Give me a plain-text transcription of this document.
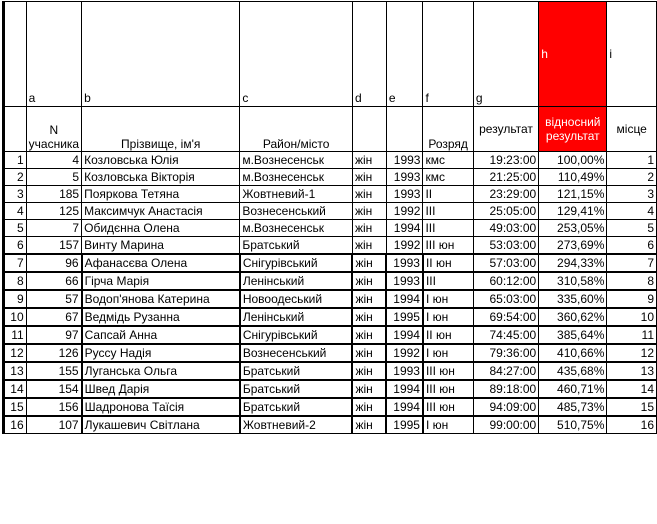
	a	b	c	d	e	f	g	h	i
	N учасника	Прізвище, ім'я	Район/місто			Розряд	результат	відносний результат	місце
1	4	Козловська Юлія	м.Вознесенськ	жін	1993	кмс	19:23:00	100,00%	1
2	5	Козловська Вікторія	м.Вознесенськ	жін	1993	кмс	21:25:00	110,49%	2
3	185	Пояркова Тетяна	Жовтневий-1	жін	1993	ІІ	23:29:00	121,15%	3
4	125	Максимчук Анастасія	Вознесенський	жін	1992	ІІІ	25:05:00	129,41%	4
5	7	Обидєнна Олена	м.Вознесенськ	жін	1994	ІІІ	49:03:00	253,05%	5
6	157	Винту Марина	Братський	жін	1992	ІІІ юн	53:03:00	273,69%	6
7	96	Афанасєва Олена	Снігурівський	жін	1993	ІІ юн	57:03:00	294,33%	7
8	66	Гірча Марія	Ленінський	жін	1993	ІІІ	60:12:00	310,58%	8
9	57	Водоп'янова Катерина	Новоодеський	жін	1994	І юн	65:03:00	335,60%	9
10	67	Ведмідь Рузанна	Ленінський	жін	1995	І юн	69:54:00	360,62%	10
11	97	Сапсай Анна	Снігурівський	жін	1994	ІІ юн	74:45:00	385,64%	11
12	126	Руссу Надія	Вознесенський	жін	1992	І юн	79:36:00	410,66%	12
13	155	Луганська Ольга	Братський	жін	1993	ІІІ юн	84:27:00	435,68%	13
14	154	Швед Дарія	Братський	жін	1994	ІІІ юн	89:18:00	460,71%	14
15	156	Шадронова Таїсія	Братський	жін	1994	ІІІ юн	94:09:00	485,73%	15
16	107	Лукашевич Світлана	Жовтневий-2	жін	1995	І юн	99:00:00	510,75%	16
